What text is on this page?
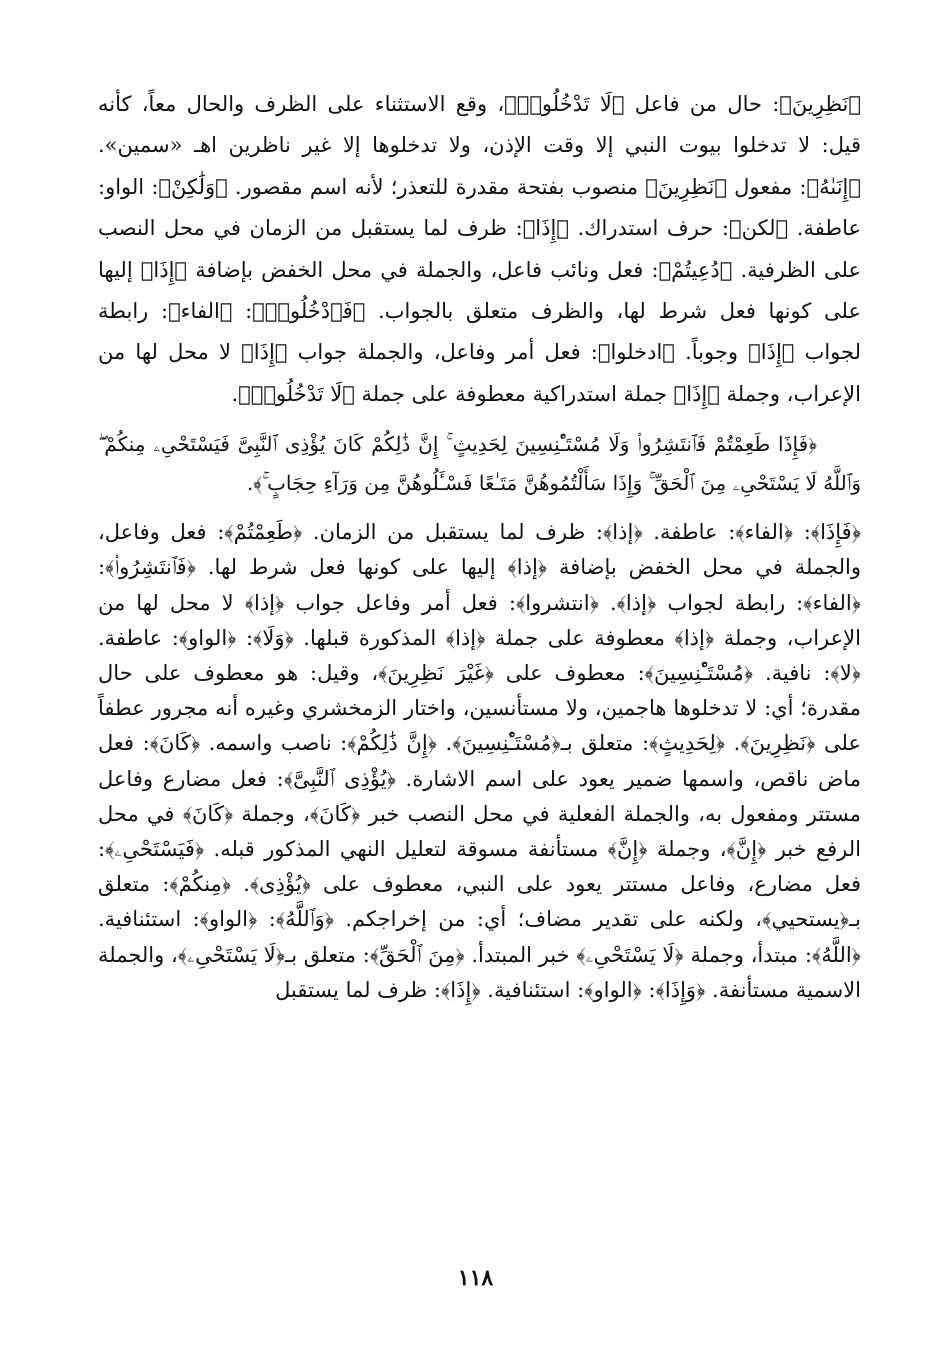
﴿نَظِرِينَ﴾: حال من فاعل ﴿لَا تَدْخُلُوا۟﴾، وقع الاستثناء على الظرف والحال معاً، كأنه قيل: لا تدخلوا بيوت النبي إلا وقت الإذن، ولا تدخلوها إلا غير ناظرين اهـ «سمين». ﴿إِنَىٰهُ﴾: مفعول ﴿نَظِرِينَ﴾ منصوب بفتحة مقدرة للتعذر؛ لأنه اسم مقصور. ﴿وَلَٰكِنْ﴾: الواو: عاطفة. ﴿لكن﴾: حرف استدراك. ﴿إِذَا﴾: ظرف لما يستقبل من الزمان في محل النصب على الظرفية. ﴿دُعِيتُمْ﴾: فعل ونائب فاعل، والجملة في محل الخفض بإضافة ﴿إِذَا﴾ إليها على كونها فعل شرط لها، والظرف متعلق بالجواب. ﴿فَٱدْخُلُوا۟﴾: ﴿الفاء﴾: رابطة لجواب ﴿إِذَا﴾ وجوباً. ﴿ادخلوا﴾: فعل أمر وفاعل، والجملة جواب ﴿إِذَا﴾ لا محل لها من الإعراب، وجملة ﴿إِذَا﴾ جملة استدراكية معطوفة على جملة ﴿لَا تَدْخُلُوا۟﴾.

﴿فَإِذَا طَعِمْتُمْ فَٱنتَشِرُوا۟ وَلَا مُسْتَـْٔنِسِينَ لِحَدِيثٍ ۚ إِنَّ ذَٰلِكُمْ كَانَ يُؤْذِى ٱلنَّبِىَّ فَيَسْتَحْىِۦ مِنكُمْ ۖ وَٱللَّهُ لَا يَسْتَحْىِۦ مِنَ ٱلْحَقِّ ۚ وَإِذَا سَأَلْتُمُوهُنَّ مَتَـٰعًا فَسْـَٔلُوهُنَّ مِن وَرَآءِ حِجَابٍ ۚ﴾.

﴿فَإِذَا﴾: ﴿الفاء﴾: عاطفة. ﴿إذا﴾: ظرف لما يستقبل من الزمان. ﴿طَعِمْتُمْ﴾: فعل وفاعل، والجملة في محل الخفض بإضافة ﴿إذا﴾ إليها على كونها فعل شرط لها. ﴿فَٱنتَشِرُوا۟﴾: ﴿الفاء﴾: رابطة لجواب ﴿إذا﴾. ﴿انتشروا﴾: فعل أمر وفاعل جواب ﴿إذا﴾ لا محل لها من الإعراب، وجملة ﴿إذا﴾ معطوفة على جملة ﴿إذا﴾ المذكورة قبلها. ﴿وَلَا﴾: ﴿الواو﴾: عاطفة. ﴿لا﴾: نافية. ﴿مُسْتَـْٔنِسِينَ﴾: معطوف على ﴿غَيْرَ نَظِرِينَ﴾، وقيل: هو معطوف على حال مقدرة؛ أي: لا تدخلوها هاجمين، ولا مستأنسين، واختار الزمخشري وغيره أنه مجرور عطفاً على ﴿نَظِرِينَ﴾. ﴿لِحَدِيثٍ﴾: متعلق بـ﴿مُسْتَـْٔنِسِينَ﴾. ﴿إِنَّ ذَٰلِكُمْ﴾: ناصب واسمه. ﴿كَانَ﴾: فعل ماض ناقص، واسمها ضمير يعود على اسم الاشارة. ﴿يُؤْذِى ٱلنَّبِىَّ﴾: فعل مضارع وفاعل مستتر ومفعول به، والجملة الفعلية في محل النصب خبر ﴿كَانَ﴾، وجملة ﴿كَانَ﴾ في محل الرفع خبر ﴿إِنَّ﴾، وجملة ﴿إِنَّ﴾ مستأنفة مسوقة لتعليل النهي المذكور قبله. ﴿فَيَسْتَحْىِۦ﴾: فعل مضارع، وفاعل مستتر يعود على النبي، معطوف على ﴿يُؤْذِى﴾. ﴿مِنكُمْ﴾: متعلق بـ﴿يستحيي﴾، ولكنه على تقدير مضاف؛ أي: من إخراجكم. ﴿وَٱللَّهُ﴾: ﴿الواو﴾: استئنافية. ﴿اللَّهُ﴾: مبتدأ، وجملة ﴿لَا يَسْتَحْىِۦ﴾ خبر المبتدأ. ﴿مِنَ ٱلْحَقِّ﴾: متعلق بـ﴿لَا يَسْتَحْىِۦ﴾، والجملة الاسمية مستأنفة. ﴿وَإِذَا﴾: ﴿الواو﴾: استئنافية. ﴿إِذَا﴾: ظرف لما يستقبل

١١٨
